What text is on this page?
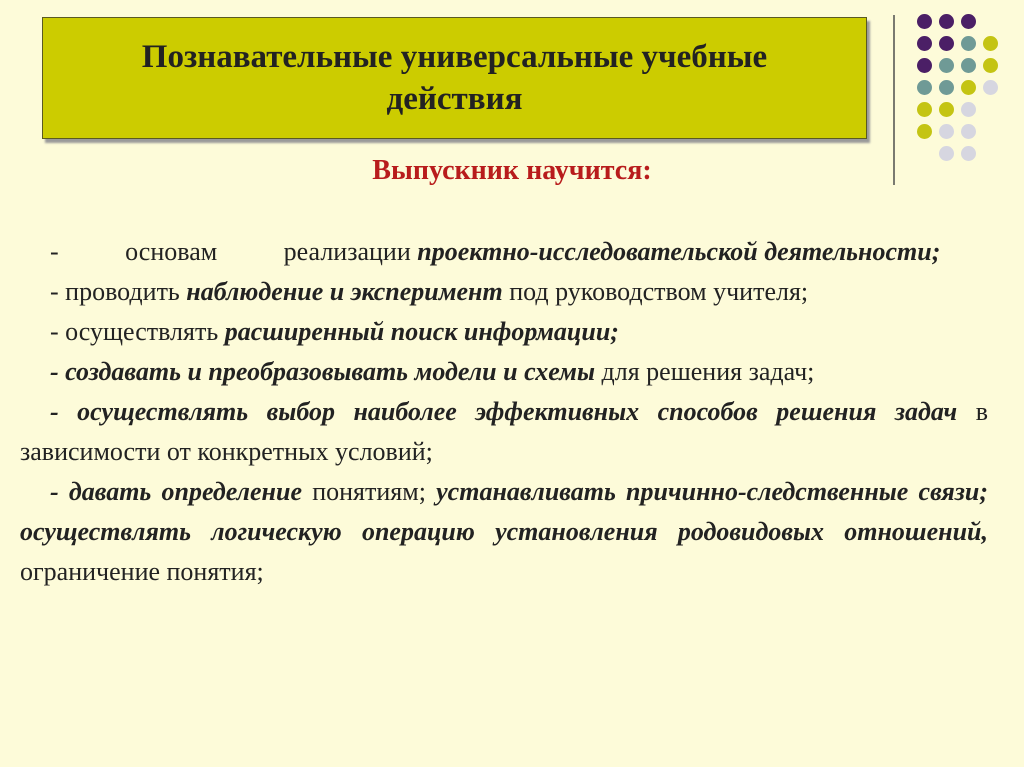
Познавательные универсальные учебные
действия
Выпускник научится:

- основам реализации проектно-исследовательской деятельности;

- проводить наблюдение и эксперимент под руководством учителя;

- осуществлять расширенный поиск информации;

- создавать и преобразовывать модели и схемы для решения задач;

- осуществлять выбор наиболее эффективных способов решения задач в зависимости от конкретных условий;

- давать определение понятиям; устанавливать причинно-следственные связи; осуществлять логическую операцию установления родовидовых отношений, ограничение понятия;
